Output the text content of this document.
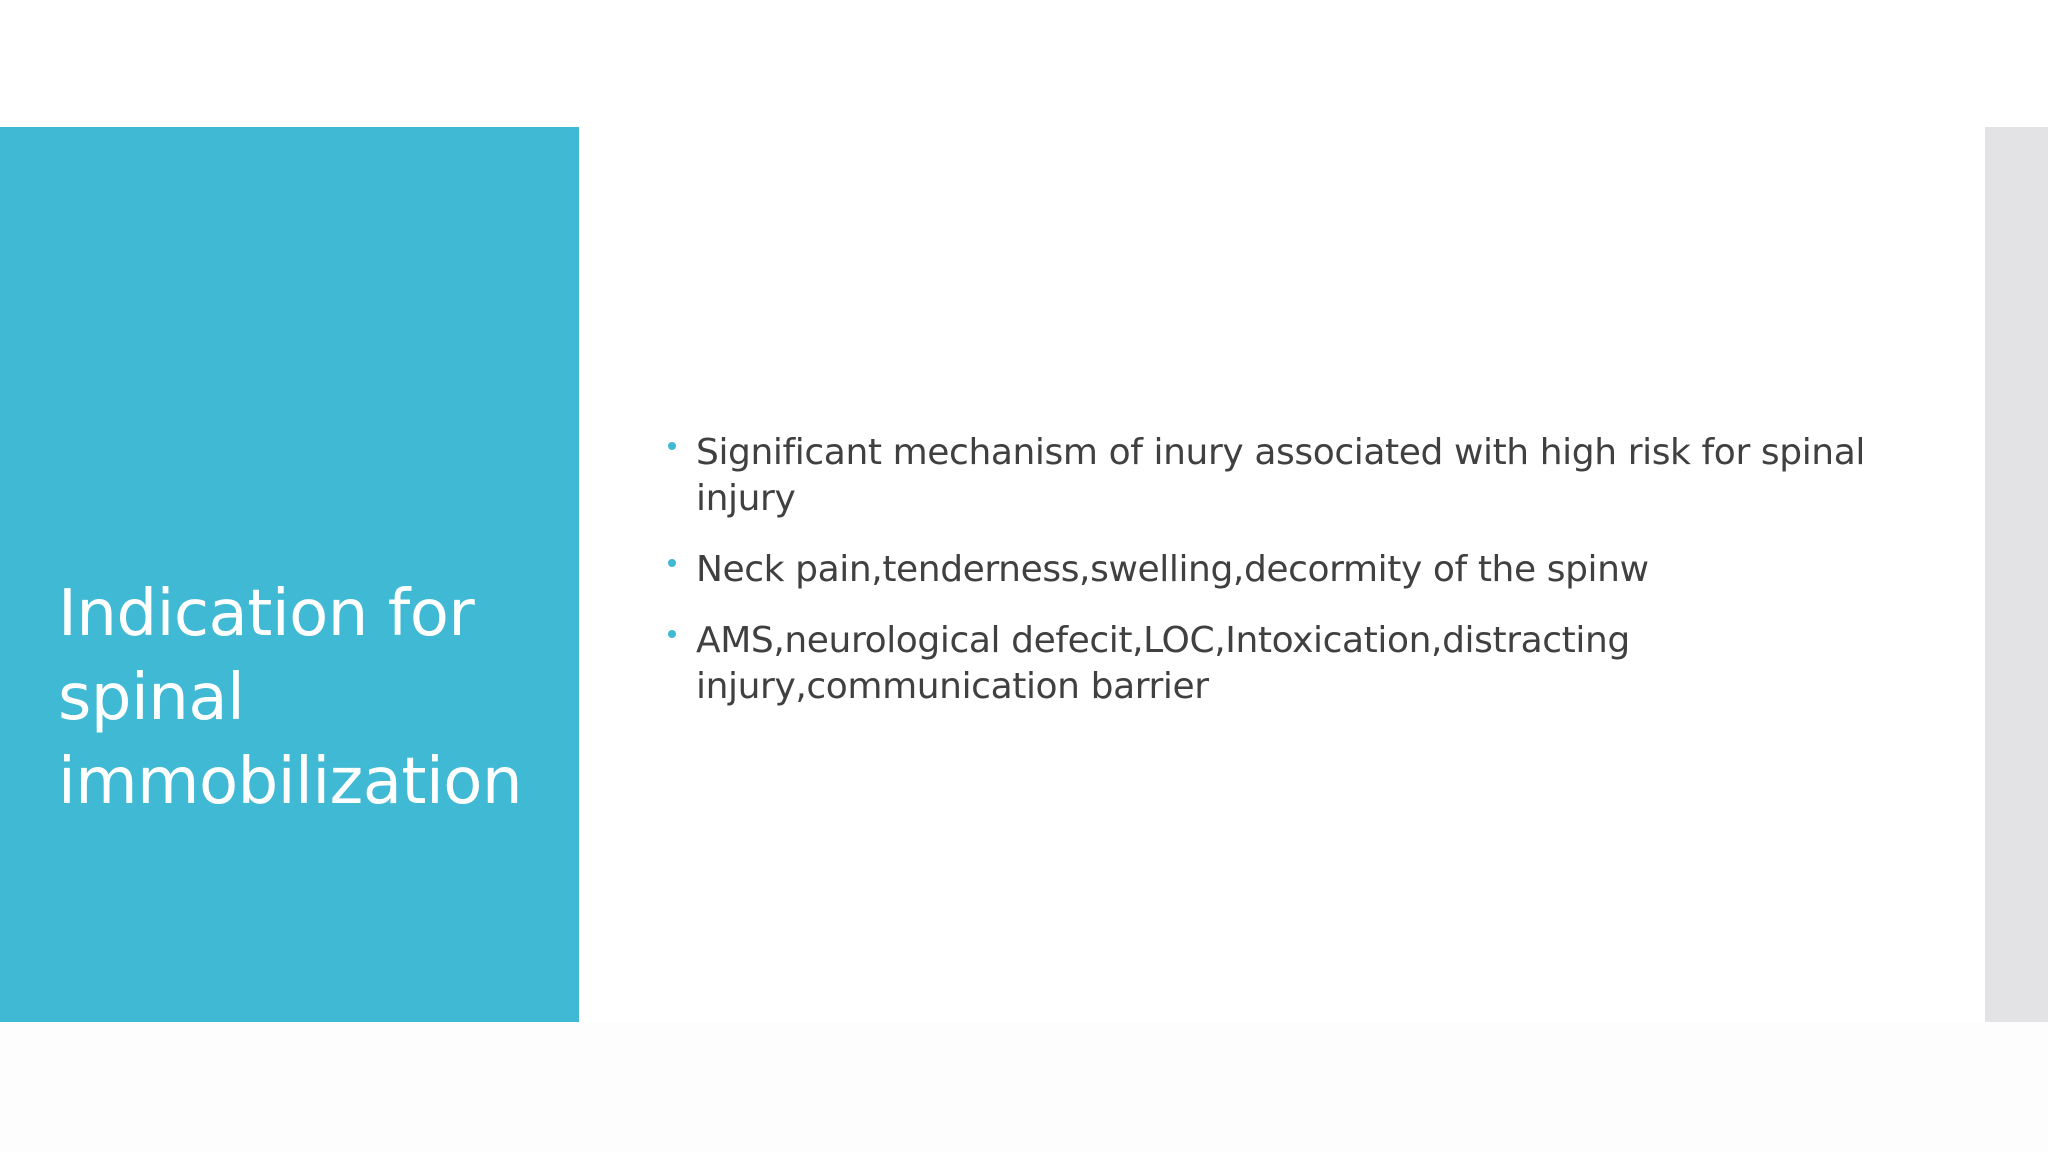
Indication for spinal immobilization
Significant mechanism of inury associated with high risk for spinal injury
Neck pain,tenderness,swelling,decormity of the spinw
AMS,neurological defecit,LOC,Intoxication,distracting injury,communication barrier
